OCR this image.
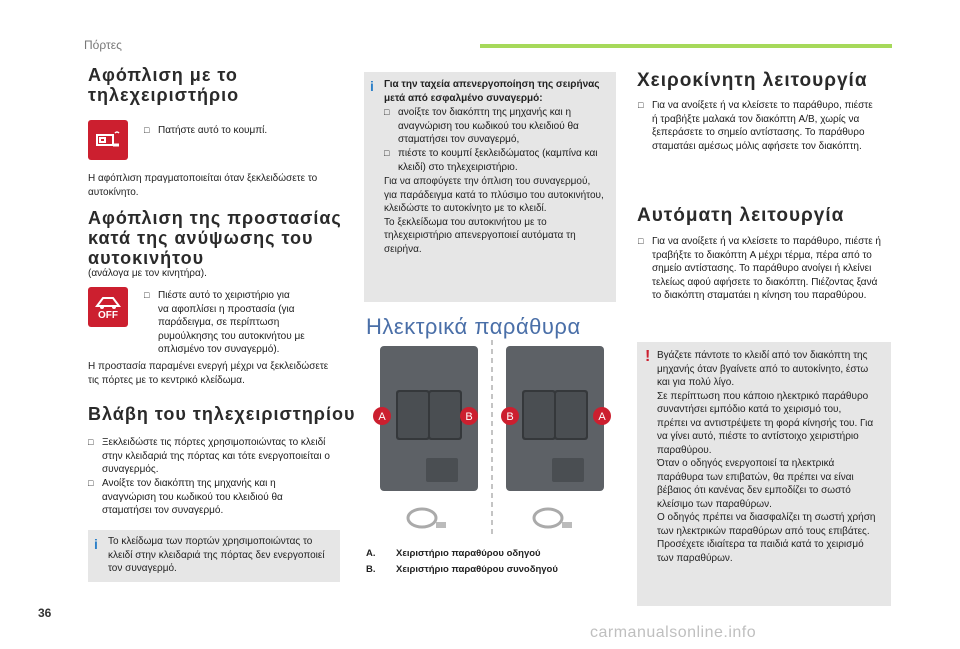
Πόρτες
36
carmanualsonline.info
Αφόπλιση με το
τηλεχειριστήριο
□ Πατήστε αυτό το κουμπί.

Η αφόπλιση πραγματοποιείται όταν ξεκλειδώσετε το
αυτοκίνητο.

Αφόπλιση της προστασίας
κατά της ανύψωσης του
αυτοκινήτου

(ανάλογα με τον κινητήρα).

OFF
□ Πιέστε αυτό το χειριστήριο για
να αφοπλίσει η προστασία (για
παράδειγμα, σε περίπτωση
ρυμούλκησης του αυτοκινήτου με
οπλισμένο τον συναγερμό).

Η προστασία παραμένει ενεργή μέχρι να ξεκλειδώσετε
τις πόρτες με το κεντρικό κλείδωμα.

Βλάβη του τηλεχειριστηρίου
□ Ξεκλειδώστε τις πόρτες χρησιμοποιώντας το κλειδί
στην κλειδαριά της πόρτας και τότε ενεργοποιείται ο
συναγερμός.
□ Ανοίξτε τον διακόπτη της μηχανής και η
αναγνώριση του κωδικού του κλειδιού θα
σταματήσει τον συναγερμό.
i Το κλείδωμα των πορτών χρησιμοποιώντας το
κλειδί στην κλειδαριά της πόρτας δεν ενεργοποιεί
τον συναγερμό.

i Για την ταχεία απενεργοποίηση της σειρήνας
μετά από εσφαλμένο συναγερμό:

□ ανοίξτε τον διακόπτη της μηχανής και η
αναγνώριση του κωδικού του κλειδιού θα
σταματήσει τον συναγερμό,
□ πιέστε το κουμπί ξεκλειδώματος (καμπίνα και
κλειδί) στο τηλεχειριστήριο.

Για να αποφύγετε την όπλιση του συναγερμού,
για παράδειγμα κατά το πλύσιμο του αυτοκινήτου,
κλειδώστε το αυτοκίνητο με το κλειδί.
Το ξεκλείδωμα του αυτοκινήτου με το
τηλεχειριστήριο απενεργοποιεί αυτόματα τη
σειρήνα.

Ηλεκτρικά παράθυρα
A	B	B	A
A. Χειριστήριο παραθύρου οδηγού
B. Χειριστήριο παραθύρου συνοδηγού
Χειροκίνητη λειτουργία
□ Για να ανοίξετε ή να κλείσετε το παράθυρο, πιέστε
ή τραβήξτε μαλακά τον διακόπτη A/B, χωρίς να
ξεπεράσετε το σημείο αντίστασης. Το παράθυρο
σταματάει αμέσως μόλις αφήσετε τον διακόπτη.
Αυτόματη λειτουργία
□ Για να ανοίξετε ή να κλείσετε το παράθυρο, πιέστε ή
τραβήξτε το διακόπτη A μέχρι τέρμα, πέρα από το
σημείο αντίστασης. Το παράθυρο ανοίγει ή κλείνει
τελείως αφού αφήσετε το διακόπτη. Πιέζοντας ξανά
το διακόπτη σταματάει η κίνηση του παραθύρου.
! Βγάζετε πάντοτε το κλειδί από τον διακόπτη της
μηχανής όταν βγαίνετε από το αυτοκίνητο, έστω
και για πολύ λίγο.
Σε περίπτωση που κάποιο ηλεκτρικό παράθυρο
συναντήσει εμπόδιο κατά το χειρισμό του,
πρέπει να αντιστρέψετε τη φορά κίνησής του. Για
να γίνει αυτό, πιέστε το αντίστοιχο χειριστήριο
παραθύρου.
Όταν ο οδηγός ενεργοποιεί τα ηλεκτρικά
παράθυρα των επιβατών, θα πρέπει να είναι
βέβαιος ότι κανένας δεν εμποδίζει το σωστό
κλείσιμο των παραθύρων.
Ο οδηγός πρέπει να διασφαλίζει τη σωστή χρήση
των ηλεκτρικών παραθύρων από τους επιβάτες.
Προσέχετε ιδιαίτερα τα παιδιά κατά το χειρισμό
των παραθύρων.
